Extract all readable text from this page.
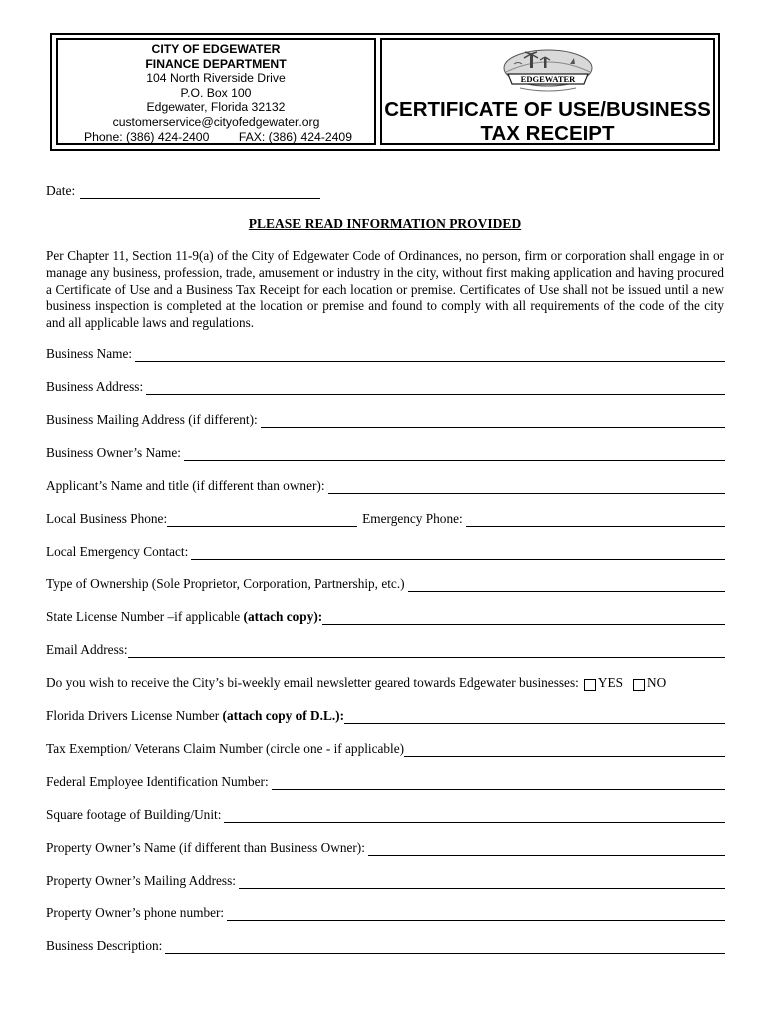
CITY OF EDGEWATER
FINANCE DEPARTMENT
104 North Riverside Drive
P.O. Box 100
Edgewater, Florida 32132
customerservice@cityofedgewater.org
Phone: (386) 424-2400 FAX: (386) 424-2409
EDGEWATER
CERTIFICATE OF USE/BUSINESS
TAX RECEIPT
Date:
PLEASE READ INFORMATION PROVIDED

Per Chapter 11, Section 11-9(a) of the City of Edgewater Code of Ordinances, no person, firm or corporation shall engage in or manage any business, profession, trade, amusement or industry in the city, without first making application and having procured a Certificate of Use and a Business Tax Receipt for each location or premise. Certificates of Use shall not be issued until a new business inspection is completed at the location or premise and found to comply with all requirements of the code of the city and all applicable laws and regulations.

Business Name:
Business Address:
Business Mailing Address (if different):
Business Owner’s Name:
Applicant’s Name and title (if different than owner):
Local Business Phone:	Emergency Phone:
Local Emergency Contact:
Type of Ownership (Sole Proprietor, Corporation, Partnership, etc.)
State License Number –if applicable (attach copy):
Email Address:
Do you wish to receive the City’s bi-weekly email newsletter geared towards Edgewater businesses: YES NO
Florida Drivers License Number (attach copy of D.L.):
Tax Exemption/ Veterans Claim Number (circle one - if applicable)
Federal Employee Identification Number:
Square footage of Building/Unit:
Property Owner’s Name (if different than Business Owner):
Property Owner’s Mailing Address:
Property Owner’s phone number:
Business Description:
